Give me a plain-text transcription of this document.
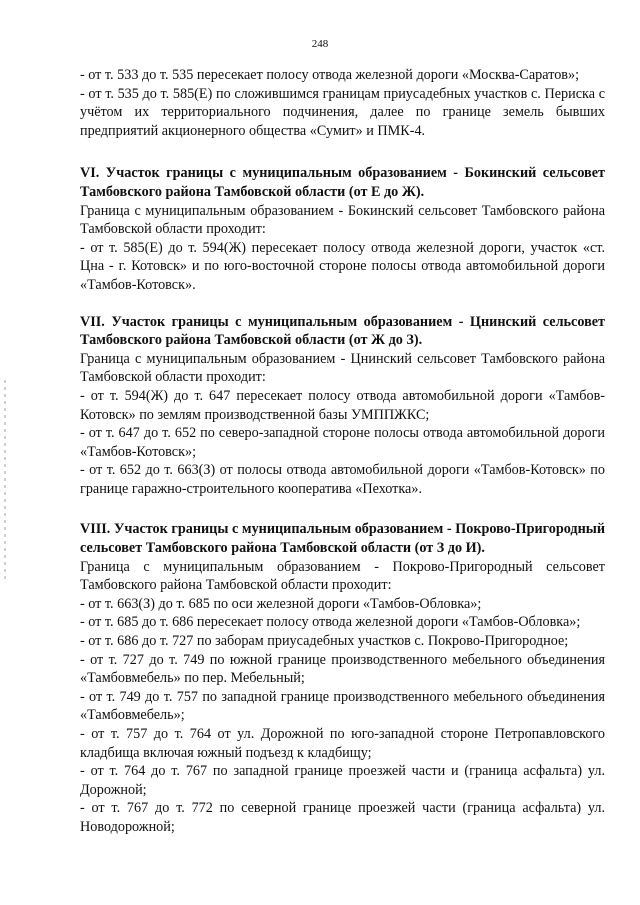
248

- от т. 533 до т. 535 пересекает полосу отвода железной дороги «Москва-Саратов»;

- от т. 535 до т. 585(Е) по сложившимся границам приусадебных участков с. Периска с учётом их территориального подчинения, далее по границе земель бывших предприятий акционерного общества «Сумит» и ПМК-4.

VI. Участок границы с муниципальным образованием - Бокинский сельсовет Тамбовского района Тамбовской области (от Е до Ж).

Граница с муниципальным образованием - Бокинский сельсовет Тамбовского района Тамбовской области проходит:

- от т. 585(Е) до т. 594(Ж) пересекает полосу отвода железной дороги, участок «ст. Цна - г. Котовск» и по юго-восточной стороне полосы отвода автомобильной дороги «Тамбов-Котовск».

VII. Участок границы с муниципальным образованием - Цнинский сельсовет Тамбовского района Тамбовской области (от Ж до З).

Граница с муниципальным образованием - Цнинский сельсовет Тамбовского района Тамбовской области проходит:

- от т. 594(Ж) до т. 647 пересекает полосу отвода автомобильной дороги «Тамбов-Котовск» по землям производственной базы УМППЖКС;

- от т. 647 до т. 652 по северо-западной стороне полосы отвода автомобильной дороги «Тамбов-Котовск»;

- от т. 652 до т. 663(З) от полосы отвода автомобильной дороги «Тамбов-Котовск» по границе гаражно-строительного кооператива «Пехотка».

VIII. Участок границы с муниципальным образованием - Покрово-Пригородный сельсовет Тамбовского района Тамбовской области (от З до И).

Граница с муниципальным образованием - Покрово-Пригородный сельсовет Тамбовского района Тамбовской области проходит:

- от т. 663(З) до т. 685 по оси железной дороги «Тамбов-Обловка»;

- от т. 685 до т. 686 пересекает полосу отвода железной дороги «Тамбов-Обловка»;

- от т. 686 до т. 727 по заборам приусадебных участков с. Покрово-Пригородное;

- от т. 727 до т. 749 по южной границе производственного мебельного объединения «Тамбовмебель» по пер. Мебельный;

- от т. 749 до т. 757 по западной границе производственного мебельного объединения «Тамбовмебель»;

- от т. 757 до т. 764 от ул. Дорожной по юго-западной стороне Петропавловского кладбища включая южный подъезд к кладбищу;

- от т. 764 до т. 767 по западной границе проезжей части и (граница асфальта) ул. Дорожной;

- от т. 767 до т. 772 по северной границе проезжей части (граница асфальта) ул. Новодорожной;
